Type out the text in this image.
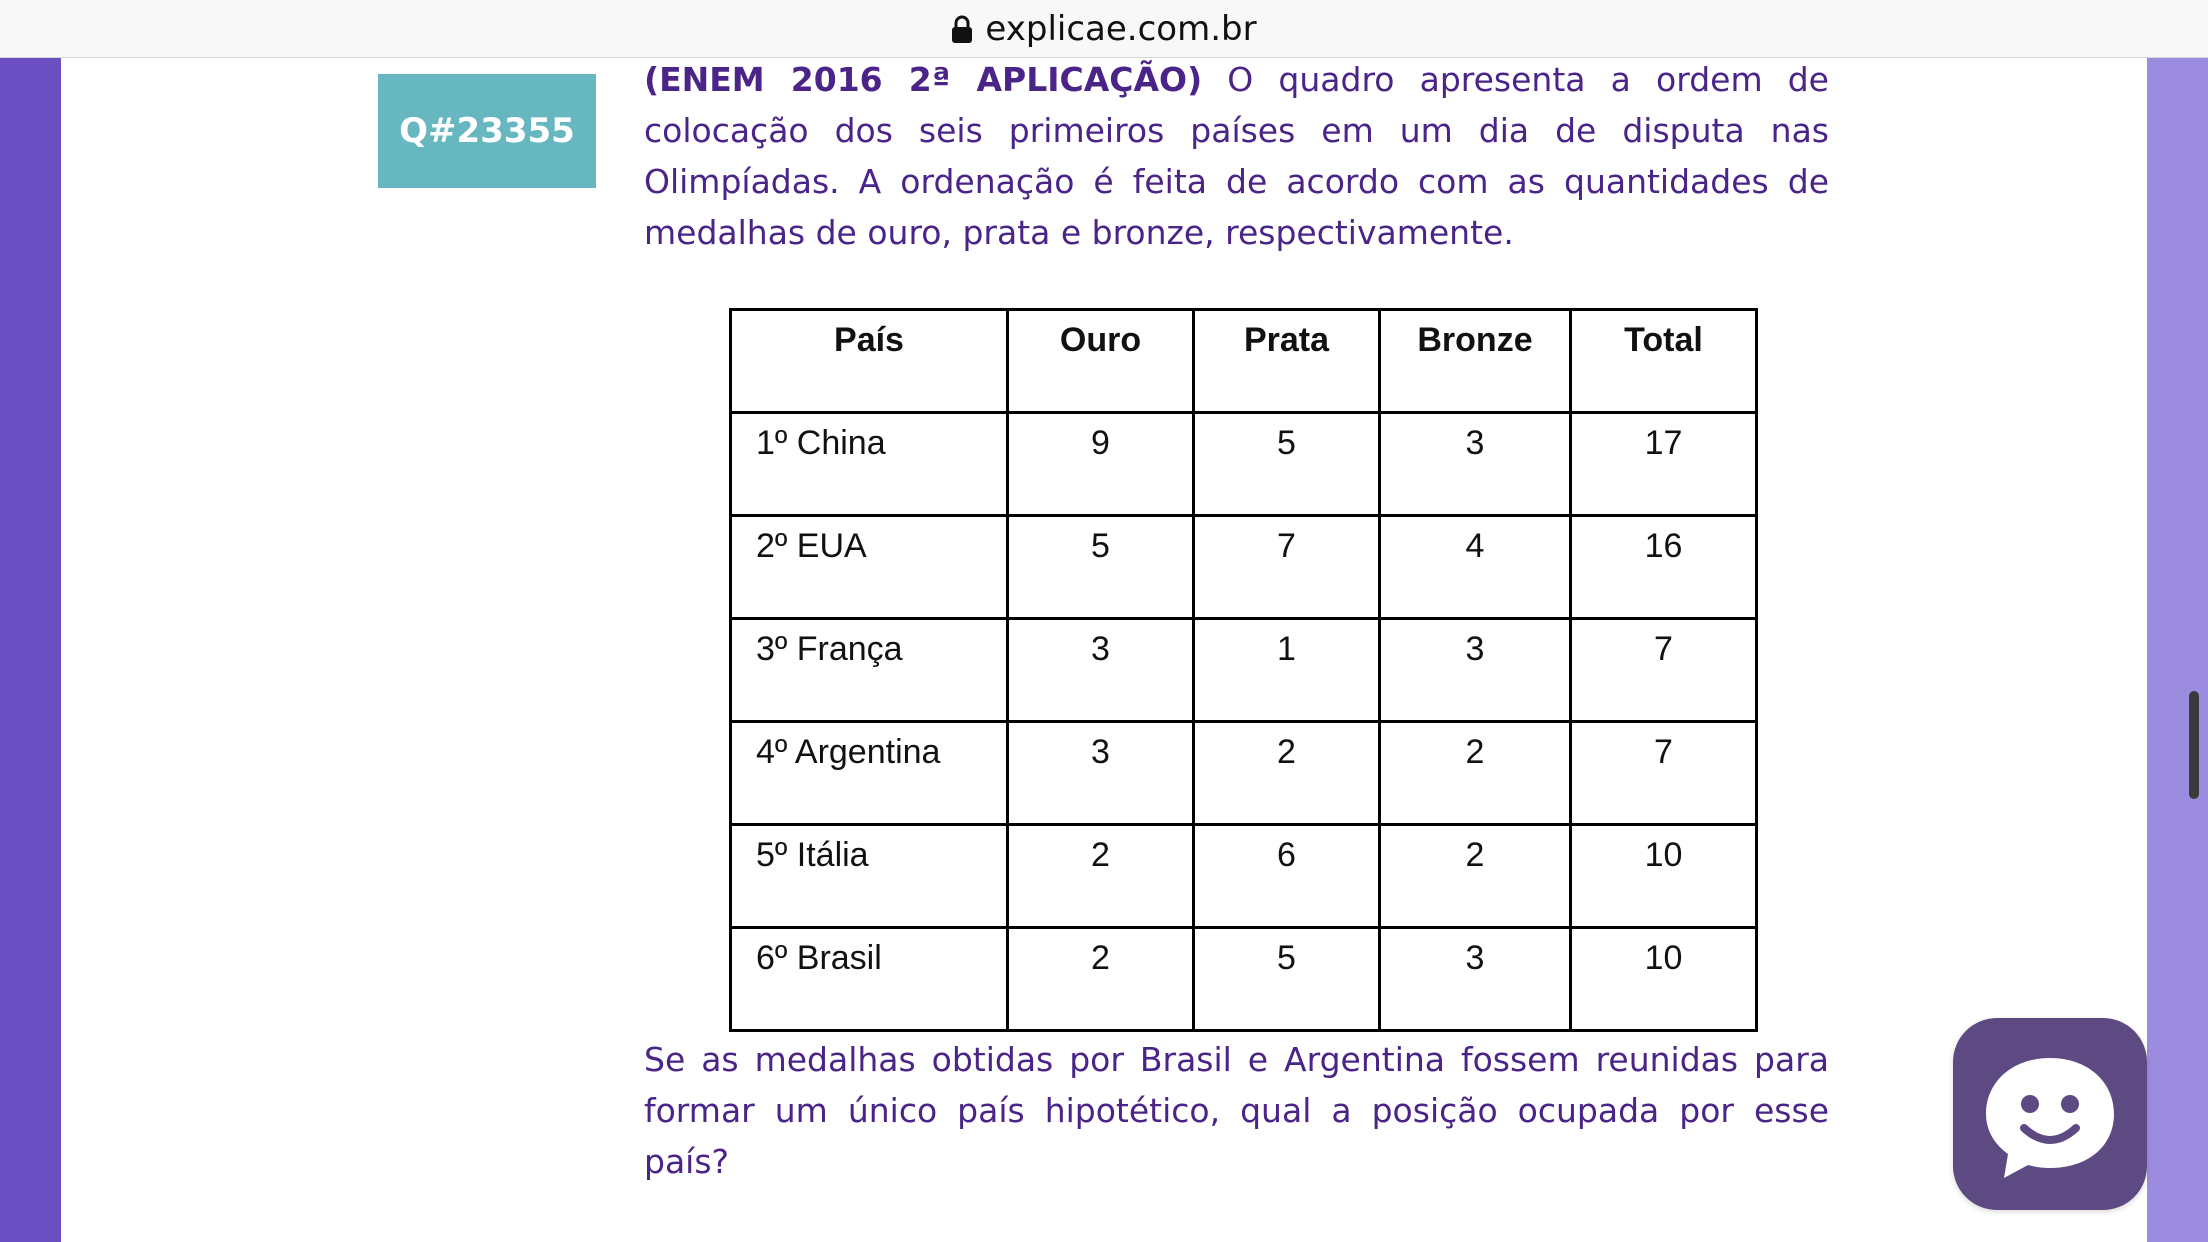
explicae.com.br
Q#23355

(ENEM 2016 2ª APLICAÇÃO) O quadro apresenta a ordem de colocação dos seis primeiros países em um dia de disputa nas Olimpíadas. A ordenação é feita de acordo com as quantidades de medalhas de ouro, prata e bronze, respectivamente.

País	Ouro	Prata	Bronze	Total
1º China	9	5	3	17
2º EUA	5	7	4	16
3º França	3	1	3	7
4º Argentina	3	2	2	7
5º Itália	2	6	2	10
6º Brasil	2	5	3	10

Se as medalhas obtidas por Brasil e Argentina fossem reunidas para formar um único país hipotético, qual a posição ocupada por esse país?
